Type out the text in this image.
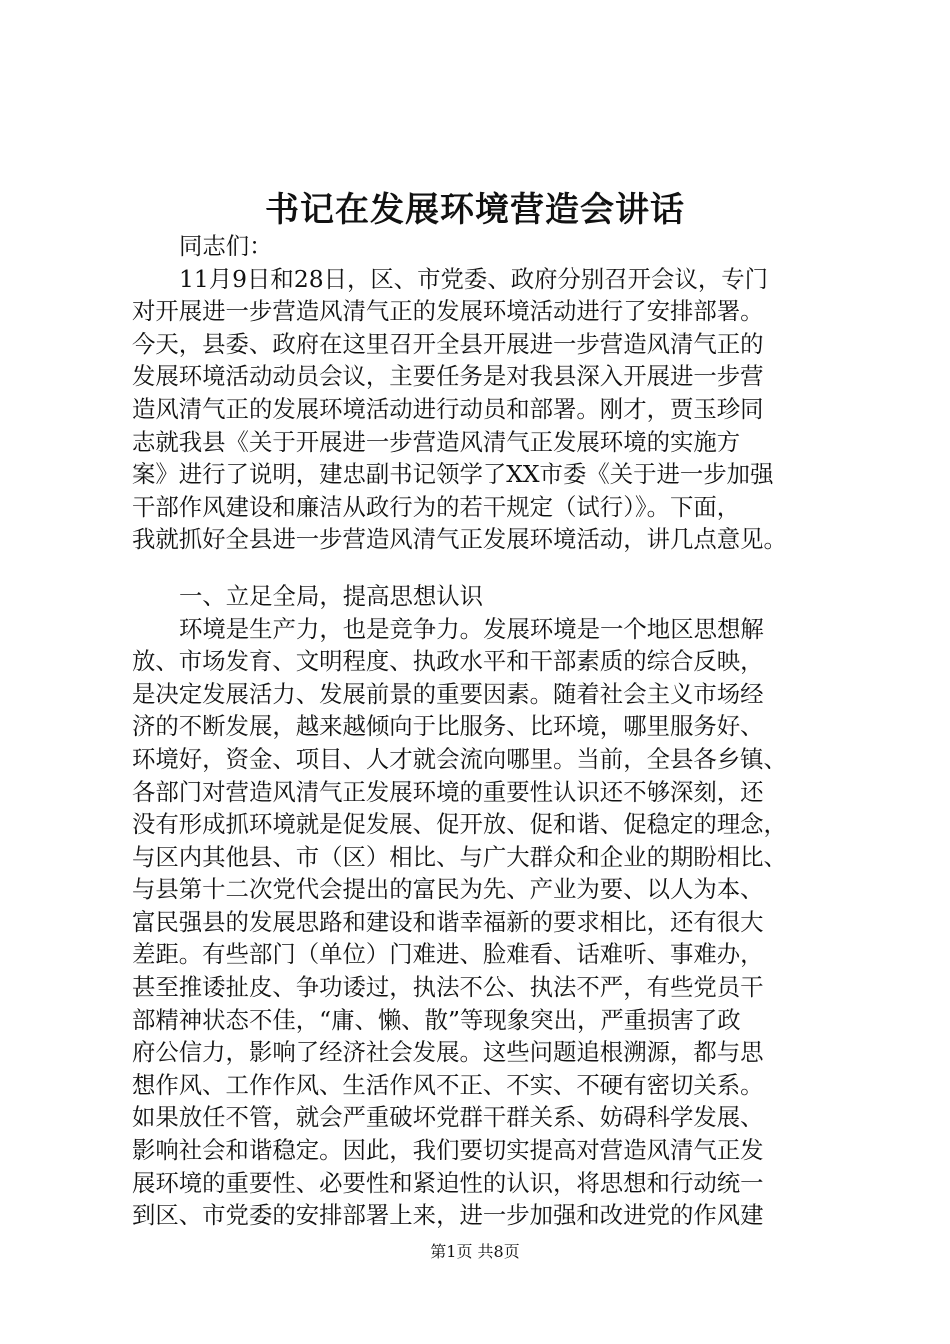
书记在发展环境营造会讲话
同志们：
11月9日和28日，区、市党委、政府分别召开会议，专门
对开展进一步营造风清气正的发展环境活动进行了安排部署。
今天，县委、政府在这里召开全县开展进一步营造风清气正的
发展环境活动动员会议，主要任务是对我县深入开展进一步营
造风清气正的发展环境活动进行动员和部署。刚才，贾玉珍同
志就我县《关于开展进一步营造风清气正发展环境的实施方
案》进行了说明，建忠副书记领学了XX市委《关于进一步加强
干部作风建设和廉洁从政行为的若干规定（试行）》。下面，
我就抓好全县进一步营造风清气正发展环境活动，讲几点意见。
一、立足全局，提高思想认识
环境是生产力，也是竞争力。发展环境是一个地区思想解
放、市场发育、文明程度、执政水平和干部素质的综合反映，
是决定发展活力、发展前景的重要因素。随着社会主义市场经
济的不断发展，越来越倾向于比服务、比环境，哪里服务好、
环境好，资金、项目、人才就会流向哪里。当前，全县各乡镇、
各部门对营造风清气正发展环境的重要性认识还不够深刻，还
没有形成抓环境就是促发展、促开放、促和谐、促稳定的理念，
与区内其他县、市（区）相比、与广大群众和企业的期盼相比、
与县第十二次党代会提出的富民为先、产业为要、以人为本、
富民强县的发展思路和建设和谐幸福新的要求相比，还有很大
差距。有些部门（单位）门难进、脸难看、话难听、事难办，
甚至推诿扯皮、争功诿过，执法不公、执法不严，有些党员干
部精神状态不佳，“庸、懒、散”等现象突出，严重损害了政
府公信力，影响了经济社会发展。这些问题追根溯源，都与思
想作风、工作作风、生活作风不正、不实、不硬有密切关系。
如果放任不管，就会严重破坏党群干群关系、妨碍科学发展、
影响社会和谐稳定。因此，我们要切实提高对营造风清气正发
展环境的重要性、必要性和紧迫性的认识，将思想和行动统一
到区、市党委的安排部署上来，进一步加强和改进党的作风建
第1页 共8页
